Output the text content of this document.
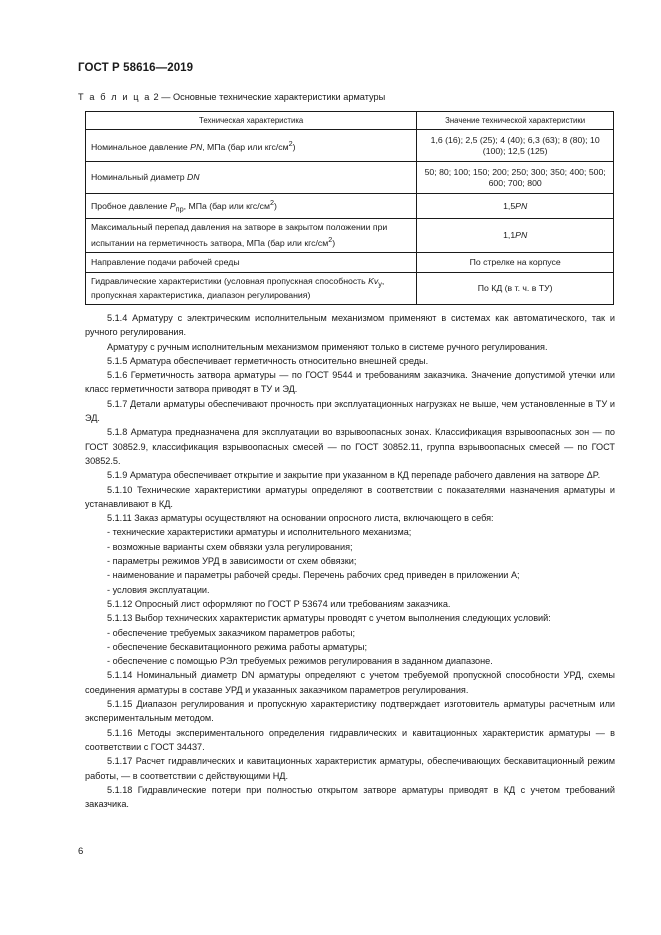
ГОСТ Р 58616—2019
Т а б л и ц а 2 — Основные технические характеристики арматуры
Техническая характеристика	Значение технической характеристики
Номинальное давление PN, МПа (бар или кгс/$см^2$)	1,6 (16); 2,5 (25); 4 (40); 6,3 (63); 8 (80); 10 (100); 12,5 (125)
Номинальный диаметр DN	50; 80; 100; 150; 200; 250; 300; 350; 400; 500; 600; 700; 800
Пробное давление $P_{пр}$, МПа (бар или кгс/$см^2$)	1,5PN
Максимальный перепад давления на затворе в закрытом положении при испытании на герметичность затвора, МПа (бар или кгс/$см^2$)	1,1PN
Направление подачи рабочей среды	По стрелке на корпусе
Гидравлические характеристики (условная пропускная способность $Kv_y$, пропускная характеристика, диапазон регулирования)	По КД (в т. ч. в ТУ)

5.1.4 Арматуру с электрическим исполнительным механизмом применяют в системах как автоматического, так и ручного регулирования.

Арматуру с ручным исполнительным механизмом применяют только в системе ручного регулирования.

5.1.5 Арматура обеспечивает герметичность относительно внешней среды.

5.1.6 Герметичность затвора арматуры — по ГОСТ 9544 и требованиям заказчика. Значение допустимой утечки или класс герметичности затвора приводят в ТУ и ЭД.

5.1.7 Детали арматуры обеспечивают прочность при эксплуатационных нагрузках не выше, чем установленные в ТУ и ЭД.

5.1.8 Арматура предназначена для эксплуатации во взрывоопасных зонах. Классификация взрывоопасных зон — по ГОСТ 30852.9, классификация взрывоопасных смесей — по ГОСТ 30852.11, группа взрывоопасных смесей — по ГОСТ 30852.5.

5.1.9 Арматура обеспечивает открытие и закрытие при указанном в КД перепаде рабочего давления на затворе ΔP.

5.1.10 Технические характеристики арматуры определяют в соответствии с показателями назначения арматуры и устанавливают в КД.

5.1.11 Заказ арматуры осуществляют на основании опросного листа, включающего в себя:

- технические характеристики арматуры и исполнительного механизма;

- возможные варианты схем обвязки узла регулирования;

- параметры режимов УРД в зависимости от схем обвязки;

- наименование и параметры рабочей среды. Перечень рабочих сред приведен в приложении А;

- условия эксплуатации.

5.1.12 Опросный лист оформляют по ГОСТ Р 53674 или требованиям заказчика.

5.1.13 Выбор технических характеристик арматуры проводят с учетом выполнения следующих условий:

- обеспечение требуемых заказчиком параметров работы;

- обеспечение бескавитационного режима работы арматуры;

- обеспечение с помощью РЭл требуемых режимов регулирования в заданном диапазоне.

5.1.14 Номинальный диаметр DN арматуры определяют с учетом требуемой пропускной способности УРД, схемы соединения арматуры в составе УРД и указанных заказчиком параметров регулирования.

5.1.15 Диапазон регулирования и пропускную характеристику подтверждает изготовитель арматуры расчетным или экспериментальным методом.

5.1.16 Методы экспериментального определения гидравлических и кавитационных характеристик арматуры — в соответствии с ГОСТ 34437.

5.1.17 Расчет гидравлических и кавитационных характеристик арматуры, обеспечивающих бескавитационный режим работы, — в соответствии с действующими НД.

5.1.18 Гидравлические потери при полностью открытом затворе арматуры приводят в КД с учетом требований заказчика.

6
